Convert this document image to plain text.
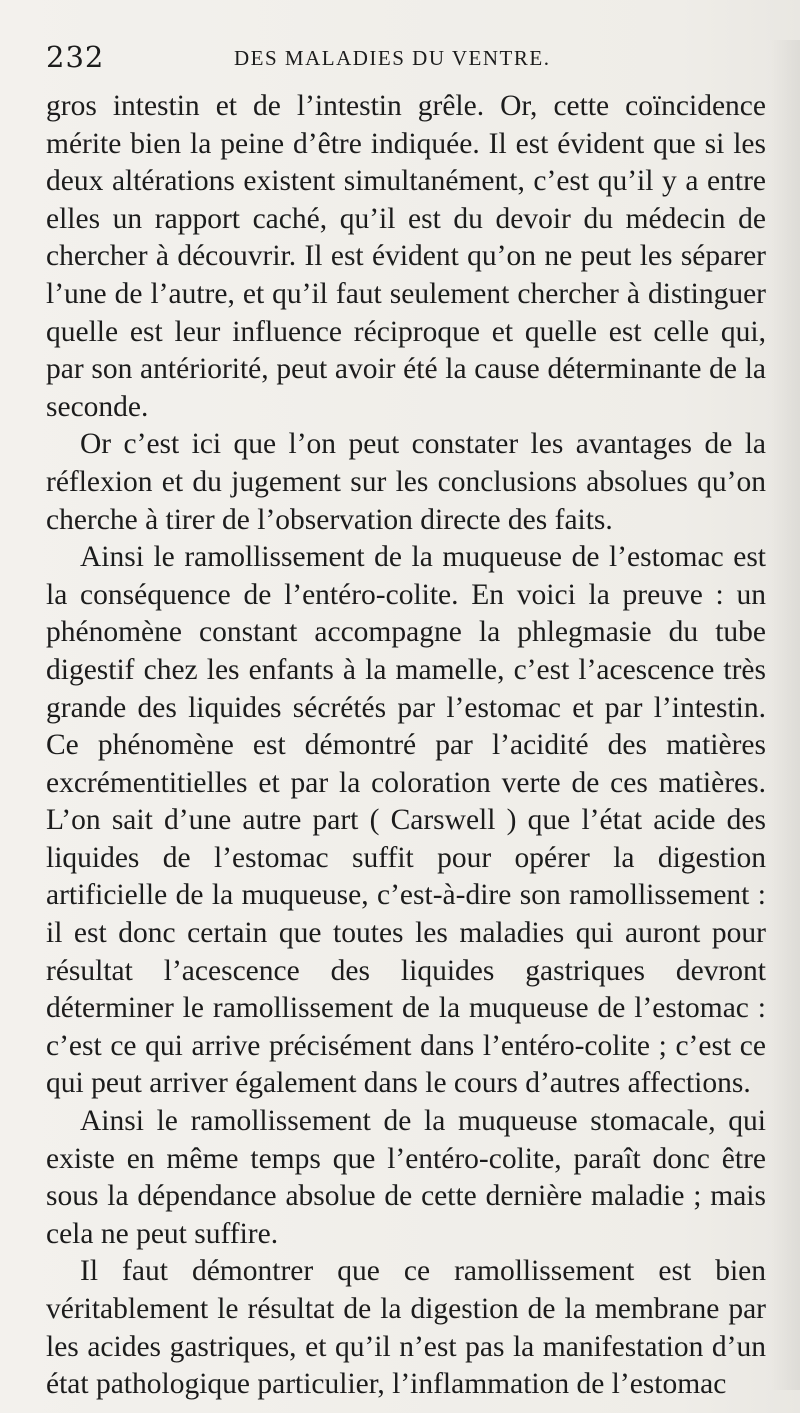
232	DES MALADIES DU VENTRE.

gros intestin et de l’intestin grêle. Or, cette coïncidence mérite bien la peine d’être indiquée. Il est évident que si les deux altérations existent simultanément, c’est qu’il y a entre elles un rapport caché, qu’il est du devoir du médecin de chercher à découvrir. Il est évident qu’on ne peut les séparer l’une de l’autre, et qu’il faut seulement chercher à distinguer quelle est leur influence réciproque et quelle est celle qui, par son antériorité, peut avoir été la cause déterminante de la seconde.

Or c’est ici que l’on peut constater les avantages de la réflexion et du jugement sur les conclusions absolues qu’on cherche à tirer de l’observation directe des faits.

Ainsi le ramollissement de la muqueuse de l’estomac est la conséquence de l’entéro-colite. En voici la preuve : un phénomène constant accompagne la phlegmasie du tube digestif chez les enfants à la mamelle, c’est l’acescence très grande des liquides sécrétés par l’estomac et par l’intestin. Ce phénomène est démontré par l’acidité des matières excrémentitielles et par la coloration verte de ces matières. L’on sait d’une autre part ( Carswell ) que l’état acide des liquides de l’estomac suffit pour opérer la digestion artificielle de la muqueuse, c’est-à-dire son ramollissement : il est donc certain que toutes les maladies qui auront pour résultat l’acescence des liquides gastriques devront déterminer le ramollissement de la muqueuse de l’estomac : c’est ce qui arrive précisément dans l’entéro-colite ; c’est ce qui peut arriver également dans le cours d’autres affections.

Ainsi le ramollissement de la muqueuse stomacale, qui existe en même temps que l’entéro-colite, paraît donc être sous la dépendance absolue de cette dernière maladie ; mais cela ne peut suffire.

Il faut démontrer que ce ramollissement est bien véritablement le résultat de la digestion de la membrane par les acides gastriques, et qu’il n’est pas la manifestation d’un état pathologique particulier, l’inflammation de l’estomac
